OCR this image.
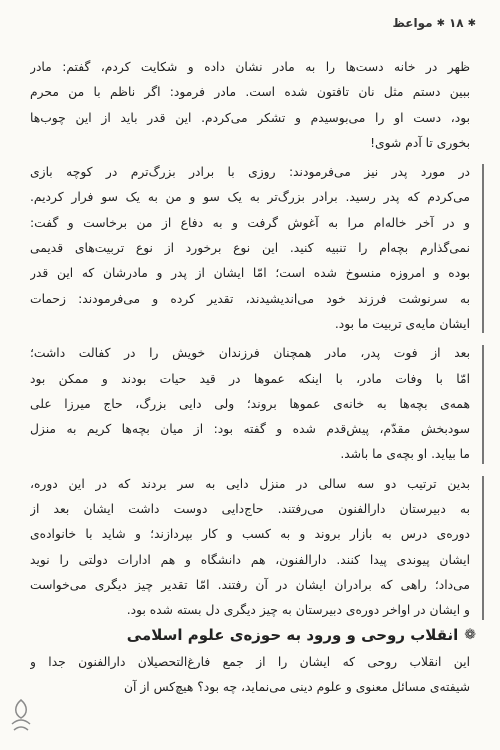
✱
۱۸
✱
مواعظ
ظهر در خانه دست‌ها را به مادر نشان داده و شکایت کردم، گفتم: مادر
ببین دستم مثل نان تافتون شده است. مادر فرمود: اگر ناظم با من محرم
بود، دست او را می‌بوسیدم و تشکر می‌کردم. این قدر باید از این چوب‌ها
بخوری تا آدم شوی!
در مورد پدر نیز می‌فرمودند: روزی با برادر بزرگ‌ترم در کوچه بازی
می‌کردم که پدر رسید. برادر بزرگ‌تر به یک سو و من به یک سو فرار کردیم.
و در آخر خاله‌ام مرا به آغوش گرفت و به دفاع از من برخاست و گفت:
نمی‌گذارم بچه‌ام را تنبیه کنید. این نوع برخورد از نوع تربیت‌های قدیمی
بوده و امروزه منسوخ شده است؛ امّا ایشان از پدر و مادرشان که این قدر
به سرنوشت فرزند خود می‌اندیشیدند، تقدیر کرده و می‌فرمودند: زحمات
ایشان مایه‌ی تربیت ما بود.
بعد از فوت پدر، مادر همچنان فرزندان خویش را در کفالت داشت؛
امّا با وفات مادر، با اینکه عموها در قید حیات بودند و ممکن بود
همه‌ی بچه‌ها به خانه‌ی عموها بروند؛ ولی دایی بزرگ، حاج میرزا علی
سودبخش مقدّم، پیش‌قدم شده و گفته بود: از میان بچه‌ها کریم به منزل
ما بیاید. او بچه‌ی ما باشد.
بدین ترتیب دو سه سالی در منزل دایی به سر بردند که در این دوره،
به دبیرستان دارالفنون می‌رفتند. حاج‌دایی دوست داشت ایشان بعد از
دوره‌ی درس به بازار بروند و به کسب و کار بپردازند؛ و شاید با خانواده‌ی
ایشان پیوندی پیدا کنند. دارالفنون، هم دانشگاه و هم ادارات دولتی را نوید
می‌داد؛ راهی که برادران ایشان در آن رفتند. امّا تقدیر چیز دیگری می‌خواست
و ایشان در اواخر دوره‌ی دبیرستان به چیز دیگری دل بسته شده بود.
❁
انقلاب روحی و ورود به حوزه‌ی علوم اسلامی
این انقلاب روحی که ایشان را از جمع فارغ‌التحصیلان دارالفنون جدا و
شیفته‌ی مسائل معنوی و علوم دینی می‌نماید، چه بود؟ هیچ‌کس از آن
